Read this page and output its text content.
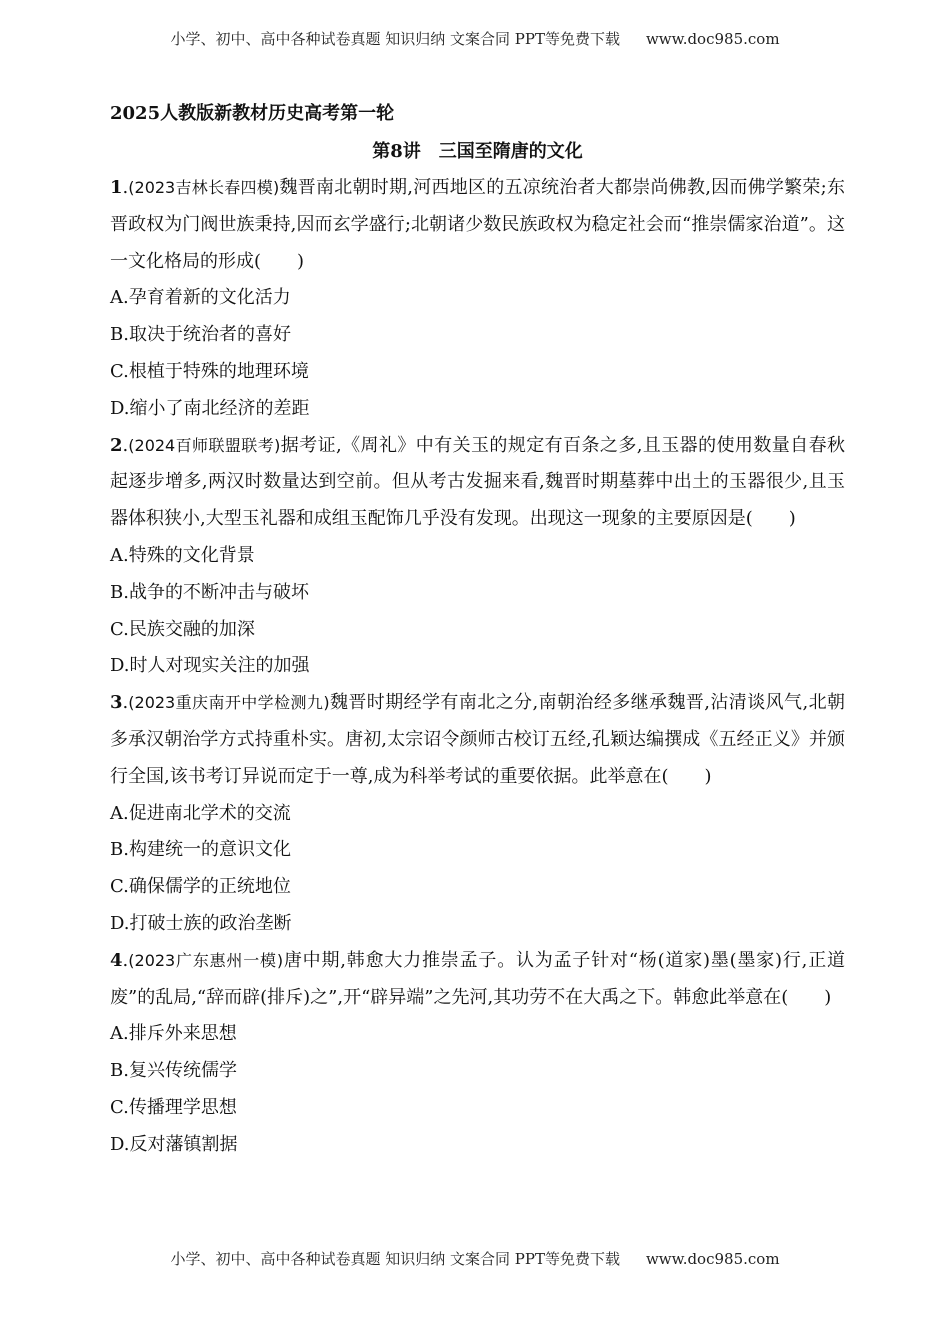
小学、初中、高中各种试卷真题 知识归纳 文案合同 PPT等免费下载 www.doc985.com

2025人教版新教材历史高考第一轮

第8讲　三国至隋唐的文化

1.(2023吉林长春四模)魏晋南北朝时期,河西地区的五凉统治者大都崇尚佛教,因而佛学繁荣;东晋政权为门阀世族秉持,因而玄学盛行;北朝诸少数民族政权为稳定社会而“推崇儒家治道”。这一文化格局的形成(　　)

A.孕育着新的文化活力

B.取决于统治者的喜好

C.根植于特殊的地理环境

D.缩小了南北经济的差距

2.(2024百师联盟联考)据考证,《周礼》中有关玉的规定有百条之多,且玉器的使用数量自春秋起逐步增多,两汉时数量达到空前。但从考古发掘来看,魏晋时期墓葬中出土的玉器很少,且玉器体积狭小,大型玉礼器和成组玉配饰几乎没有发现。出现这一现象的主要原因是(　　)

A.特殊的文化背景

B.战争的不断冲击与破坏

C.民族交融的加深

D.时人对现实关注的加强

3.(2023重庆南开中学检测九)魏晋时期经学有南北之分,南朝治经多继承魏晋,沾清谈风气,北朝多承汉朝治学方式持重朴实。唐初,太宗诏令颜师古校订五经,孔颖达编撰成《五经正义》并颁行全国,该书考订异说而定于一尊,成为科举考试的重要依据。此举意在(　　)

A.促进南北学术的交流

B.构建统一的意识文化

C.确保儒学的正统地位

D.打破士族的政治垄断

4.(2023广东惠州一模)唐中期,韩愈大力推崇孟子。认为孟子针对“杨(道家)墨(墨家)行,正道废”的乱局,“辞而辟(排斥)之”,开“辟异端”之先河,其功劳不在大禹之下。韩愈此举意在(　　)

A.排斥外来思想

B.复兴传统儒学

C.传播理学思想

D.反对藩镇割据

小学、初中、高中各种试卷真题 知识归纳 文案合同 PPT等免费下载 www.doc985.com
